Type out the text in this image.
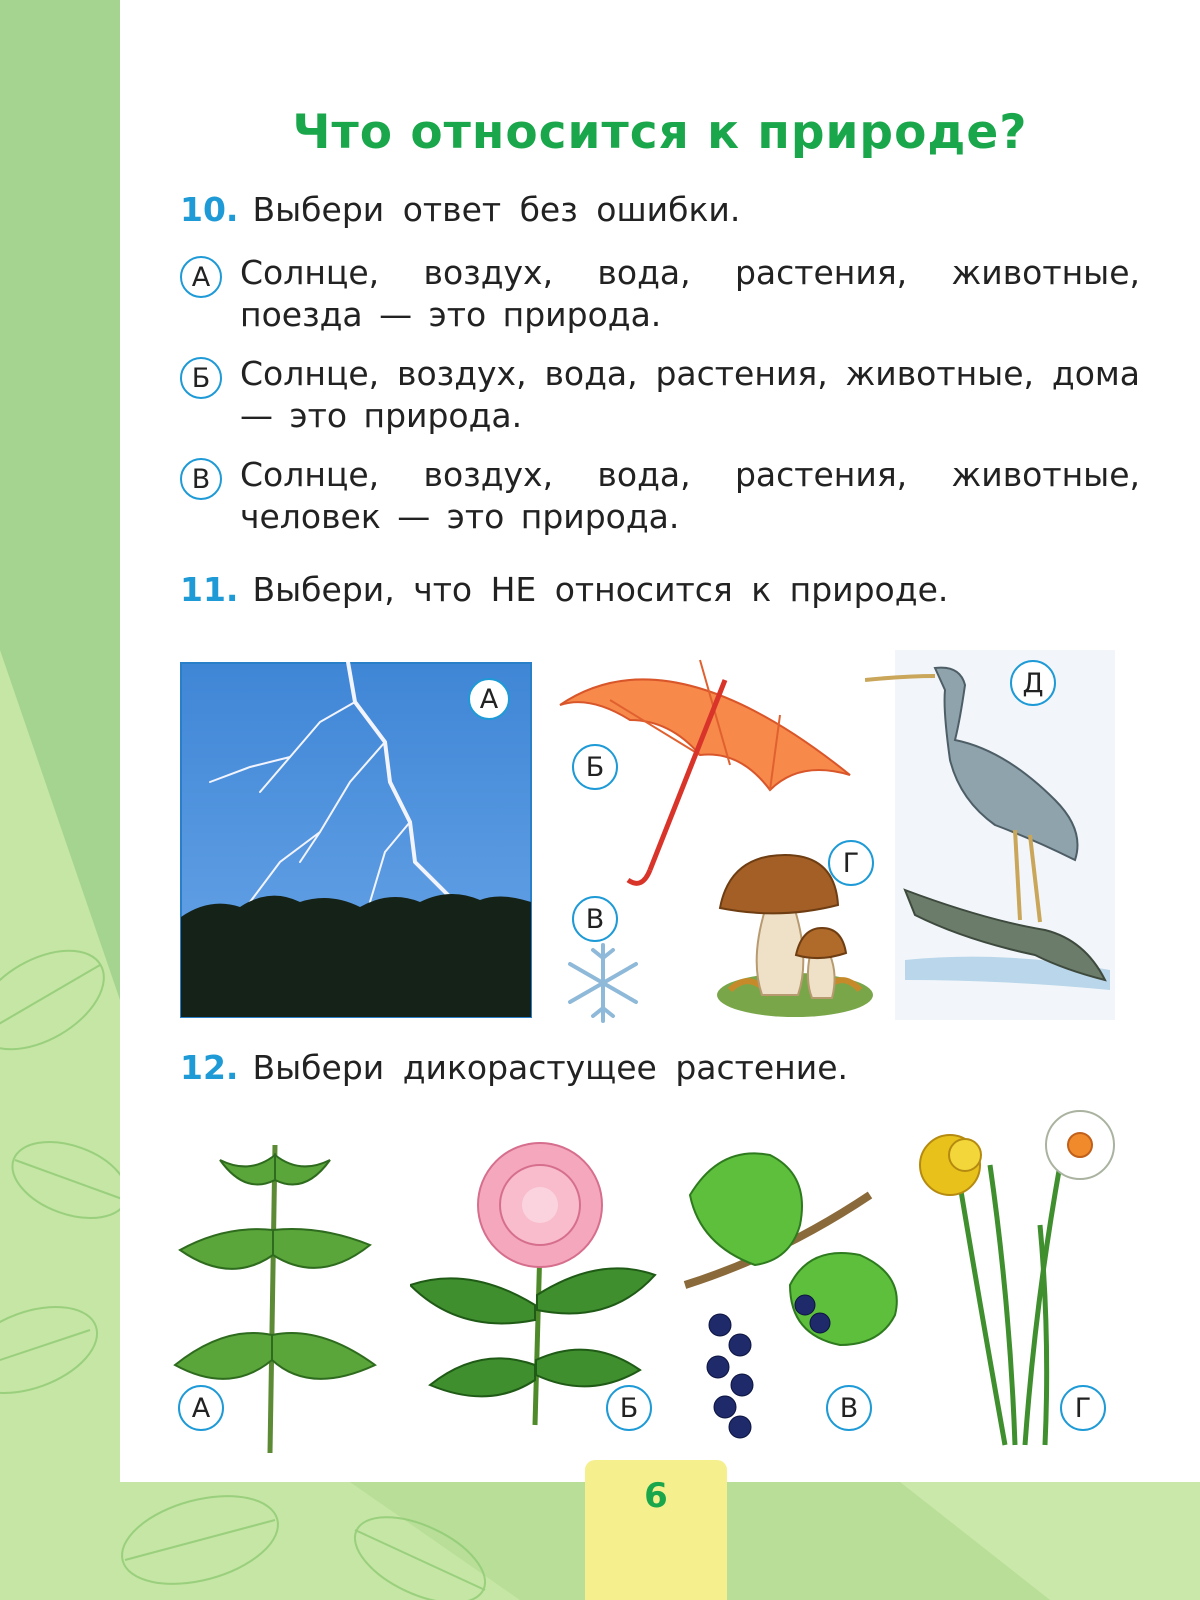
Что относится к природе?
10. Выбери ответ без ошибки.
А Солнце, воздух, вода, растения, животные, поезда — это природа.
Б Солнце, воздух, вода, растения, животные, дома — это природа.
В Солнце, воздух, вода, растения, животные, человек — это природа.
11. Выбери, что НЕ относится к природе.
А
Б
В
Г
Д
12. Выбери дикорастущее растение.
А	Б	В	Г
6
